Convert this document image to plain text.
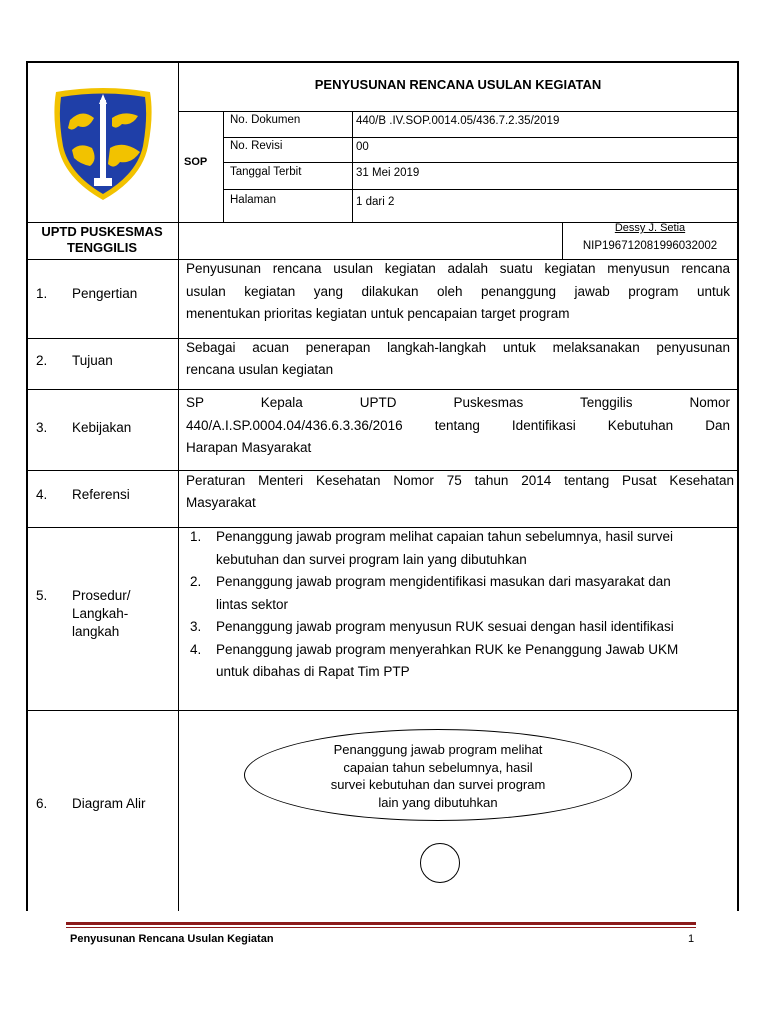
PENYUSUNAN RENCANA USULAN KEGIATAN
SOP
No. Dokumen	440/B .IV.SOP.0014.05/436.7.2.35/2019
No. Revisi	00
Tanggal Terbit	31 Mei 2019
Halaman	1 dari 2
UPTD PUSKESMAS
TENGGILIS
Dessy J. Setia
NIP196712081996032002
1. Pengertian
Penyusunan rencana usulan kegiatan adalah suatu kegiatan menyusun rencana
usulan kegiatan yang dilakukan oleh penanggung jawab program untuk
menentukan prioritas kegiatan untuk pencapaian target program
2. Tujuan
Sebagai acuan penerapan langkah-langkah untuk melaksanakan penyusunan
rencana usulan kegiatan
3. Kebijakan
SP Kepala UPTD Puskesmas Tenggilis Nomor
440/A.I.SP.0004.04/436.6.3.36/2016 tentang Identifikasi Kebutuhan Dan
Harapan Masyarakat
4. Referensi
Peraturan Menteri Kesehatan Nomor 75 tahun 2014 tentang Pusat Kesehatan
Masyarakat
5. Prosedur/
Langkah-
langkah
1. Penanggung jawab program melihat capaian tahun sebelumnya, hasil survei
kebutuhan dan survei program lain yang dibutuhkan
2. Penanggung jawab program mengidentifikasi masukan dari masyarakat dan
lintas sektor
3. Penanggung jawab program menyusun RUK sesuai dengan hasil identifikasi
4. Penanggung jawab program menyerahkan RUK ke Penanggung Jawab UKM
untuk dibahas di Rapat Tim PTP
6. Diagram Alir
Penanggung jawab program melihat
capaian tahun sebelumnya, hasil
survei kebutuhan dan survei program
lain yang dibutuhkan
Penyusunan Rencana Usulan Kegiatan	1
